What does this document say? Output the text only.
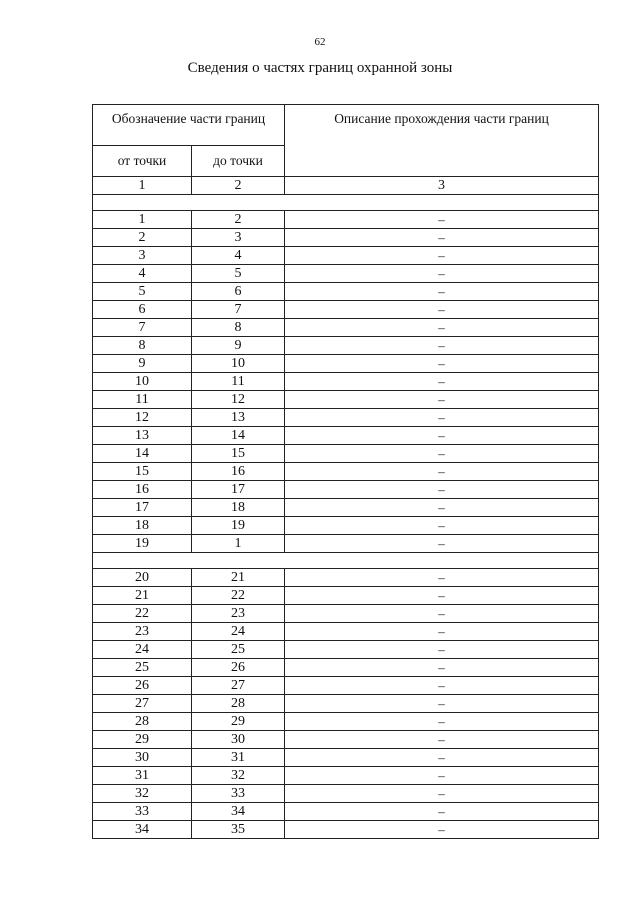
62
Сведения о частях границ охранной зоны
Обозначение части границ		Описание прохождения части границ
от точки	до точки	
1	2	3

1	2	–
2	3	–
3	4	–
4	5	–
5	6	–
6	7	–
7	8	–
8	9	–
9	10	–
10	11	–
11	12	–
12	13	–
13	14	–
14	15	–
15	16	–
16	17	–
17	18	–
18	19	–
19	1	–

20	21	–
21	22	–
22	23	–
23	24	–
24	25	–
25	26	–
26	27	–
27	28	–
28	29	–
29	30	–
30	31	–
31	32	–
32	33	–
33	34	–
34	35	–
